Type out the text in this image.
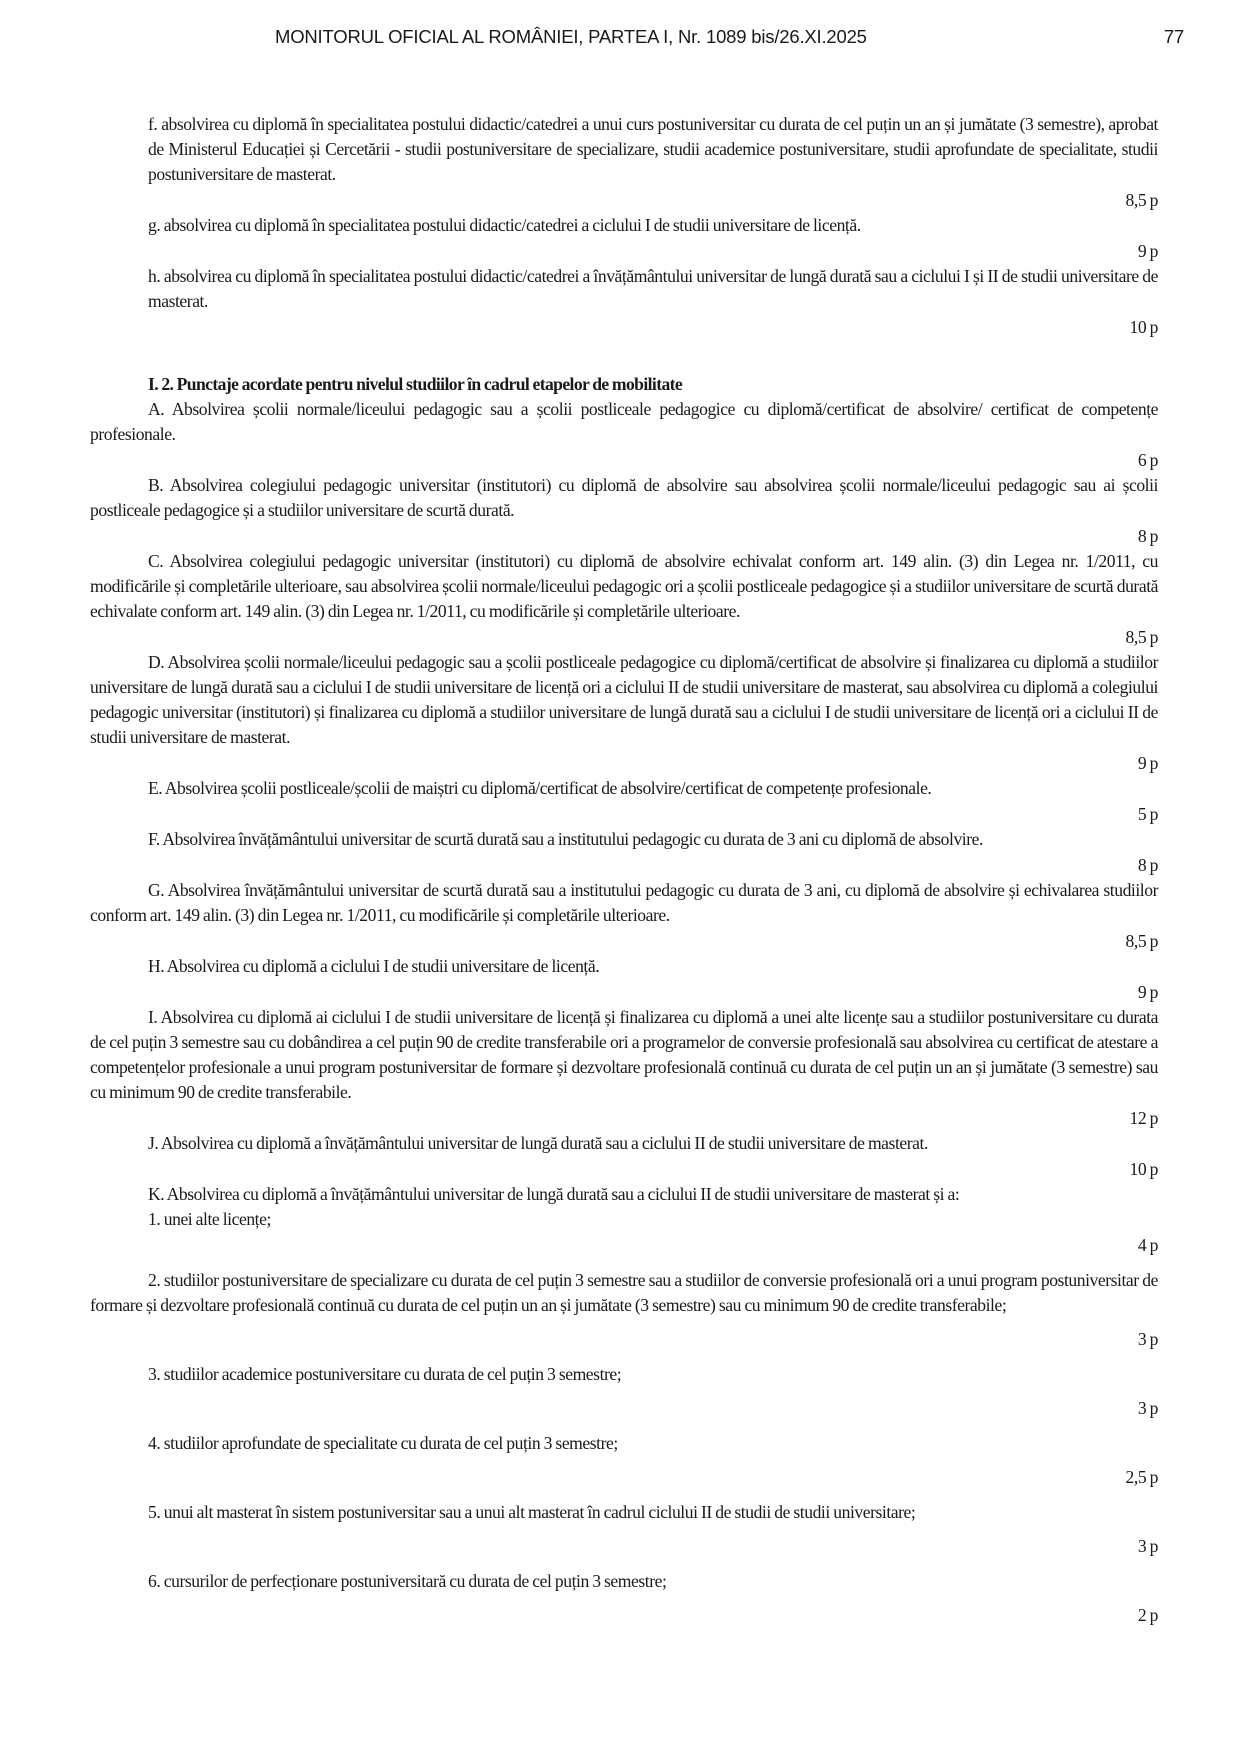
MONITORUL OFICIAL AL ROMÂNIEI, PARTEA I, Nr. 1089 bis/26.XI.2025	77

f. absolvirea cu diplomă în specialitatea postului didactic/catedrei a unui curs postuniversitar cu durata de cel puțin un an și jumătate (3 semestre), aprobat de Ministerul Educației și Cercetării - studii postuniversitare de specializare, studii academice postuniversitare, studii aprofundate de specialitate, studii postuniversitare de masterat.

8,5 p

g. absolvirea cu diplomă în specialitatea postului didactic/catedrei a ciclului I de studii universitare de licență.

9 p

h. absolvirea cu diplomă în specialitatea postului didactic/catedrei a învățământului universitar de lungă durată sau a ciclului I și II de studii universitare de masterat.

10 p

I. 2. Punctaje acordate pentru nivelul studiilor în cadrul etapelor de mobilitate

A. Absolvirea școlii normale/liceului pedagogic sau a școlii postliceale pedagogice cu diplomă/certificat de absolvire/ certificat de competențe profesionale.

6 p

B. Absolvirea colegiului pedagogic universitar (institutori) cu diplomă de absolvire sau absolvirea școlii normale/liceului pedagogic sau ai școlii postliceale pedagogice și a studiilor universitare de scurtă durată.

8 p

C. Absolvirea colegiului pedagogic universitar (institutori) cu diplomă de absolvire echivalat conform art. 149 alin. (3) din Legea nr. 1/2011, cu modificările și completările ulterioare, sau absolvirea școlii normale/liceului pedagogic ori a școlii postliceale pedagogice și a studiilor universitare de scurtă durată echivalate conform art. 149 alin. (3) din Legea nr. 1/2011, cu modificările și completările ulterioare.

8,5 p

D. Absolvirea școlii normale/liceului pedagogic sau a școlii postliceale pedagogice cu diplomă/certificat de absolvire și finalizarea cu diplomă a studiilor universitare de lungă durată sau a ciclului I de studii universitare de licență ori a ciclului II de studii universitare de masterat, sau absolvirea cu diplomă a colegiului pedagogic universitar (institutori) și finalizarea cu diplomă a studiilor universitare de lungă durată sau a ciclului I de studii universitare de licență ori a ciclului II de studii universitare de masterat.

9 p

E. Absolvirea școlii postliceale/școlii de maiștri cu diplomă/certificat de absolvire/certificat de competențe profesionale.

5 p

F. Absolvirea învățământului universitar de scurtă durată sau a institutului pedagogic cu durata de 3 ani cu diplomă de absolvire.

8 p

G. Absolvirea învățământului universitar de scurtă durată sau a institutului pedagogic cu durata de 3 ani, cu diplomă de absolvire și echivalarea studiilor conform art. 149 alin. (3) din Legea nr. 1/2011, cu modificările și completările ulterioare.

8,5 p

H. Absolvirea cu diplomă a ciclului I de studii universitare de licență.

9 p

I. Absolvirea cu diplomă ai ciclului I de studii universitare de licență și finalizarea cu diplomă a unei alte licențe sau a studiilor postuniversitare cu durata de cel puțin 3 semestre sau cu dobândirea a cel puțin 90 de credite transferabile ori a programelor de conversie profesională sau absolvirea cu certificat de atestare a competențelor profesionale a unui program postuniversitar de formare și dezvoltare profesională continuă cu durata de cel puțin un an și jumătate (3 semestre) sau cu minimum 90 de credite transferabile.

12 p

J. Absolvirea cu diplomă a învățământului universitar de lungă durată sau a ciclului II de studii universitare de masterat.

10 p

K. Absolvirea cu diplomă a învățământului universitar de lungă durată sau a ciclului II de studii universitare de masterat și a:

1. unei alte licențe;

4 p

2. studiilor postuniversitare de specializare cu durata de cel puțin 3 semestre sau a studiilor de conversie profesională ori a unui program postuniversitar de formare și dezvoltare profesională continuă cu durata de cel puțin un an și jumătate (3 semestre) sau cu minimum 90 de credite transferabile;

3 p

3. studiilor academice postuniversitare cu durata de cel puțin 3 semestre;

3 p

4. studiilor aprofundate de specialitate cu durata de cel puțin 3 semestre;

2,5 p

5. unui alt masterat în sistem postuniversitar sau a unui alt masterat în cadrul ciclului II de studii de studii universitare;

3 p

6. cursurilor de perfecționare postuniversitară cu durata de cel puțin 3 semestre;

2 p
